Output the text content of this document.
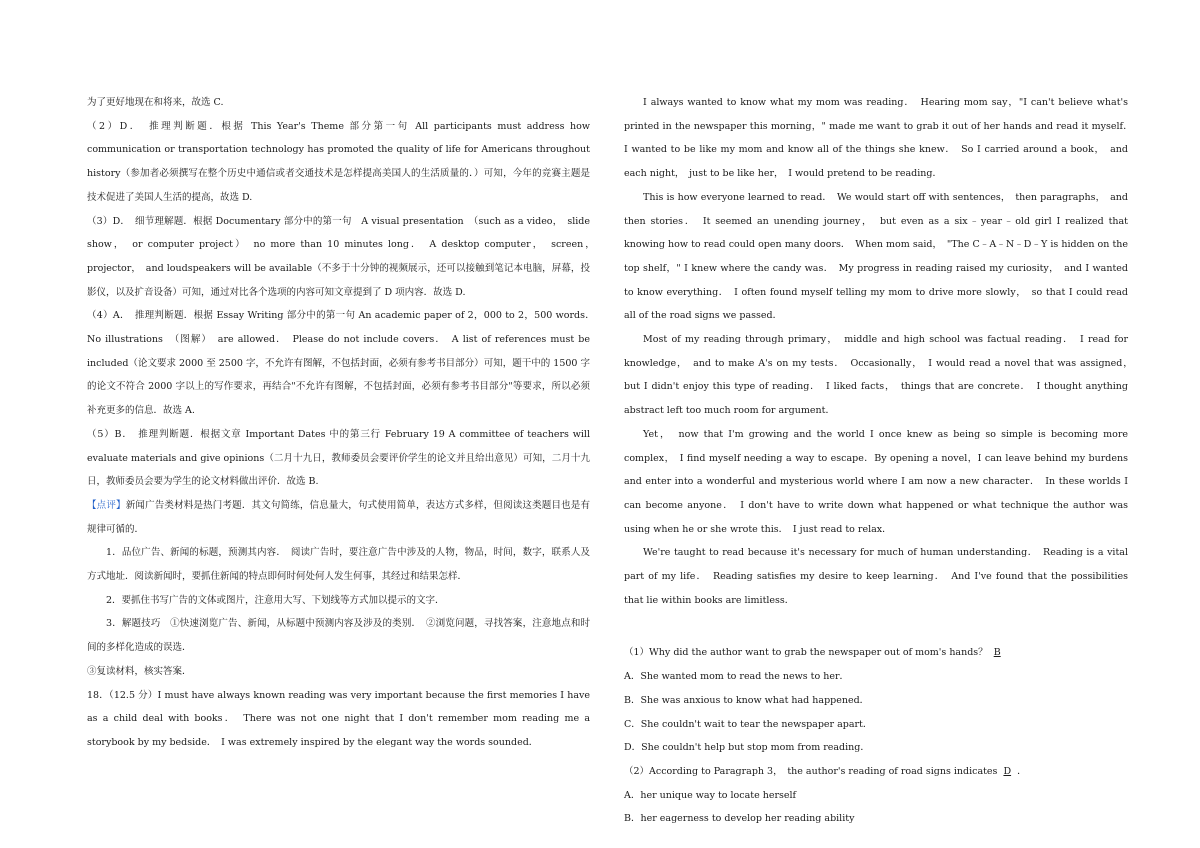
为了更好地现在和将来，故选 C.

（2）D．　推理判断题．根据 This Year's Theme 部分第一句 All participants must address how communication or transportation technology has promoted the quality of life for Americans throughout history（参加者必须撰写在整个历史中通信或者交通技术是怎样提高美国人的生活质量的．）可知，今年的竞赛主题是技术促进了美国人生活的提高，故选 D.

（3）D．　细节理解题．根据 Documentary 部分中的第一句　A visual presentation　（such as a video，　slide show，　or computer project）　no more than 10 minutes long．　A desktop computer，　screen，　projector，　and loudspeakers will be available（不多于十分钟的视频展示，还可以接触到笔记本电脑，屏幕，投影仪，以及扩音设备）可知，通过对比各个选项的内容可知文章提到了 D 项内容．故选 D.

（4）A．　推理判断题．根据 Essay Writing 部分中的第一句 An academic paper of 2，000 to 2，500 words．　No illustrations　（图解）　are allowed．　Please do not include covers．　A list of references must be included（论文要求 2000 至 2500 字，不允许有图解，不包括封面，必须有参考书目部分）可知，题干中的 1500 字的论文不符合 2000 字以上的写作要求，再结合"不允许有图解，不包括封面，必须有参考书目部分"等要求，所以必须补充更多的信息．故选 A.

（5）B．　推理判断题．根据文章 Important Dates 中的第三行 February 19 A committee of teachers will evaluate materials and give opinions（二月十九日，教师委员会要评价学生的论文并且给出意见）可知，二月十九日，教师委员会要为学生的论文材料做出评价．故选 B.

【点评】新闻广告类材料是热门考题．其文句简练，信息量大，句式使用简单，表达方式多样，但阅读这类题目也是有规律可循的．

1．品位广告、新闻的标题，预测其内容．　阅读广告时，要注意广告中涉及的人物，物品，时间，数字，联系人及方式地址．阅读新闻时，要抓住新闻的特点即何时何处何人发生何事，其经过和结果怎样．

2．要抓住书写广告的文体或图片，注意用大写、下划线等方式加以提示的文字．

3．解题技巧　①快速浏览广告、新闻，从标题中预测内容及涉及的类别．　②浏览问题，寻找答案，注意地点和时间的多样化造成的误选．

③复读材料，核实答案．

18．（12.5 分）I must have always known reading was very important because the first memories I have as a child deal with books．　There was not one night that I don't remember mom reading me a storybook by my bedside．　I was extremely inspired by the elegant way the words sounded．

I always wanted to know what my mom was reading．　Hearing mom say，"I can't believe what's printed in the newspaper this morning，" made me want to grab it out of her hands and read it myself．　I wanted to be like my mom and know all of the things she knew．　So I carried around a book，　and each night，　just to be like her，　I would pretend to be reading．

This is how everyone learned to read．　We would start off with sentences，　then paragraphs，　and then stories．　It seemed an unending journey，　but even as a six﹣year﹣old girl I realized that knowing how to read could open many doors．　When mom said，　"The C﹣A﹣N﹣D﹣Y is hidden on the top shelf，" I knew where the candy was．　My progress in reading raised my curiosity，　and I wanted to know everything．　I often found myself telling my mom to drive more slowly，　so that I could read all of the road signs we passed．

Most of my reading through primary，　middle and high school was factual reading．　I read for knowledge，　and to make A's on my tests．　Occasionally，　I would read a novel that was assigned，　but I didn't enjoy this type of reading．　I liked facts，　things that are concrete．　I thought anything abstract left too much room for argument．

Yet，　now that I'm growing and the world I once knew as being so simple is becoming more complex，　I find myself needing a way to escape．By opening a novel，I can leave behind my burdens and enter into a wonderful and mysterious world where I am now a new character．　In these worlds I can become anyone．　I don't have to write down what happened or what technique the author was using when he or she wrote this．　I just read to relax．

We're taught to read because it's necessary for much of human understanding．　Reading is a vital part of my life．　Reading satisfies my desire to keep learning．　And I've found that the possibilities that lie within books are limitless．

（1）Why did the author want to grab the newspaper out of mom's hands？ B

A．She wanted mom to read the news to her．

B．She was anxious to know what had happened．

C．She couldn't wait to tear the newspaper apart．

D．She couldn't help but stop mom from reading．

（2）According to Paragraph 3，　the author's reading of road signs indicates D ．

A．her unique way to locate herself

B．her eagerness to develop her reading ability
